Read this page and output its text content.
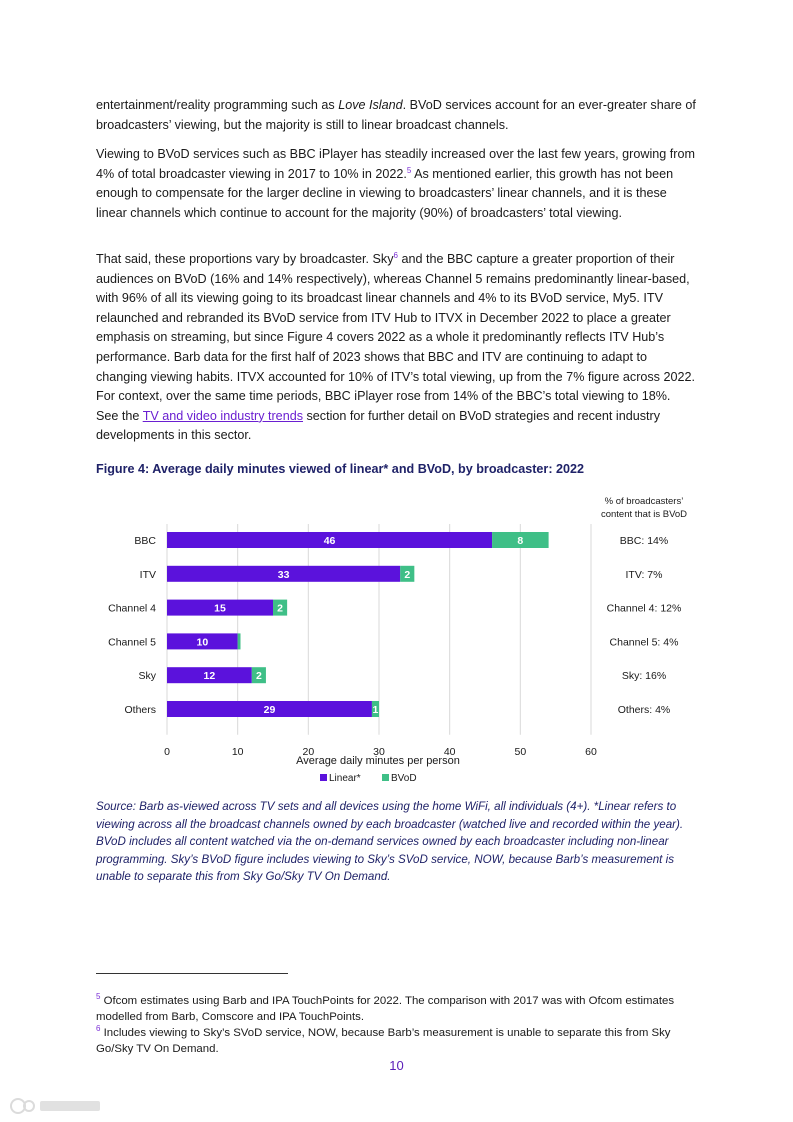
entertainment/reality programming such as Love Island. BVoD services account for an ever-greater share of broadcasters’ viewing, but the majority is still to linear broadcast channels.

Viewing to BVoD services such as BBC iPlayer has steadily increased over the last few years, growing from 4% of total broadcaster viewing in 2017 to 10% in 2022.$^5$ As mentioned earlier, this growth has not been enough to compensate for the larger decline in viewing to broadcasters’ linear channels, and it is these linear channels which continue to account for the majority (90%) of broadcasters’ total viewing.

That said, these proportions vary by broadcaster. Sky$^6$ and the BBC capture a greater proportion of their audiences on BVoD (16% and 14% respectively), whereas Channel 5 remains predominantly linear-based, with 96% of all its viewing going to its broadcast linear channels and 4% to its BVoD service, My5. ITV relaunched and rebranded its BVoD service from ITV Hub to ITVX in December 2022 to place a greater emphasis on streaming, but since Figure 4 covers 2022 as a whole it predominantly reflects ITV Hub’s performance. Barb data for the first half of 2023 shows that BBC and ITV are continuing to adapt to changing viewing habits. ITVX accounted for 10% of ITV’s total viewing, up from the 7% figure across 2022. For context, over the same time periods, BBC iPlayer rose from 14% of the BBC’s total viewing to 18%. See the TV and video industry trends section for further detail on BVoD strategies and recent industry developments in this sector.

Figure 4: Average daily minutes viewed of linear* and BVoD, by broadcaster: 2022
46	8
33	2
15	2
10
12	2
29	1
BBC
ITV
Channel 4
Channel 5
Sky
Others
0	10	20	30	40	50	60
% of broadcasters’
content that is BVoD
BBC: 14%
ITV: 7%
Channel 4: 12%
Channel 5: 4%
Sky: 16%
Others: 4%
Average daily minutes per person
Linear*	BVoD

Source: Barb as-viewed across TV sets and all devices using the home WiFi, all individuals (4+). *Linear refers to viewing across all the broadcast channels owned by each broadcaster (watched live and recorded within the year). BVoD includes all content watched via the on-demand services owned by each broadcaster including non-linear programming. Sky’s BVoD figure includes viewing to Sky’s SVoD service, NOW, because Barb’s measurement is unable to separate this from Sky Go/Sky TV On Demand.

$^5$ Ofcom estimates using Barb and IPA TouchPoints for 2022. The comparison with 2017 was with Ofcom estimates modelled from Barb, Comscore and IPA TouchPoints.

$^6$ Includes viewing to Sky’s SVoD service, NOW, because Barb’s measurement is unable to separate this from Sky Go/Sky TV On Demand.

10
